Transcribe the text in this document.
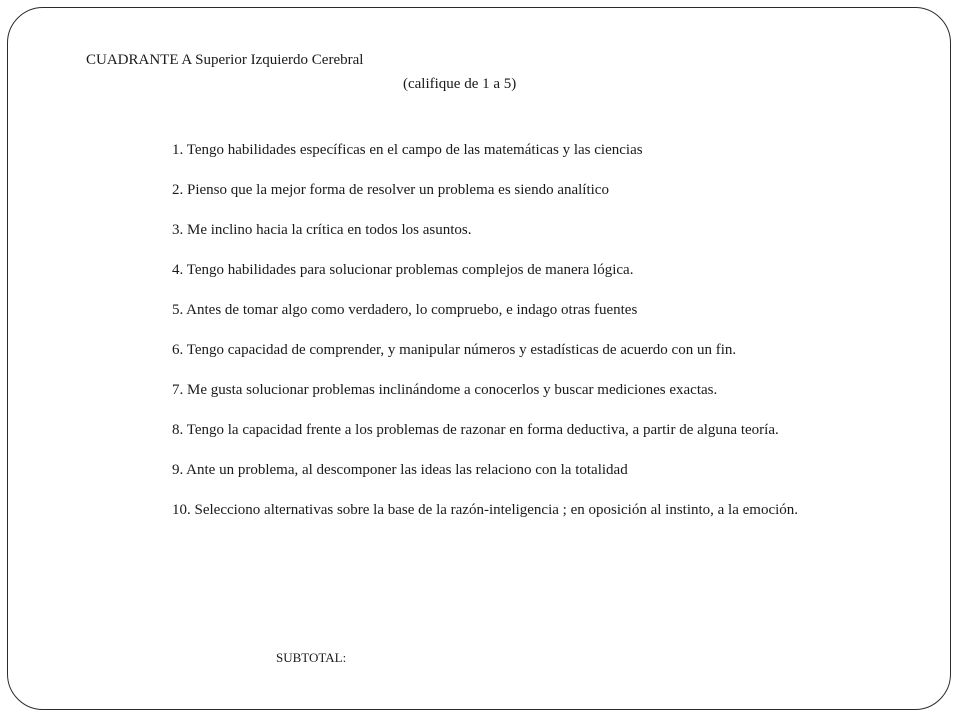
CUADRANTE A Superior Izquierdo Cerebral
(califique de 1 a 5)
1. Tengo habilidades específicas en el campo de las matemáticas y las ciencias
2. Pienso que la mejor forma de resolver un problema es siendo analítico
3. Me inclino hacia la crítica en todos los asuntos.
4. Tengo habilidades para solucionar problemas complejos de manera lógica.
5. Antes de tomar algo como verdadero, lo compruebo, e indago otras fuentes
6. Tengo capacidad de comprender, y manipular números y estadísticas de acuerdo con un fin.
7. Me gusta solucionar problemas inclinándome a conocerlos y buscar mediciones exactas.
8. Tengo la capacidad frente a los problemas de razonar en forma deductiva, a partir de alguna teoría.
9. Ante un problema, al descomponer las ideas las relaciono con la totalidad
10. Selecciono alternativas sobre la base de la razón-inteligencia ; en oposición al instinto, a la emoción.
SUBTOTAL:
